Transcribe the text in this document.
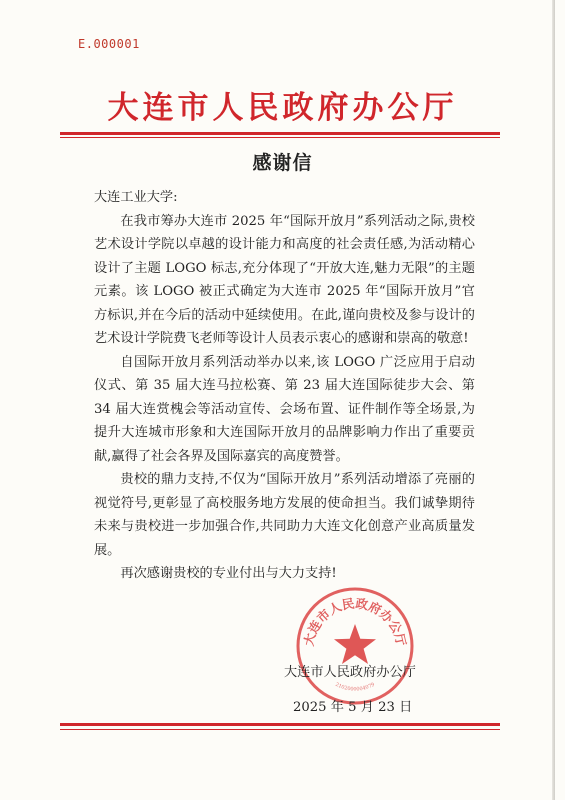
E.000001
大连市人民政府办公厅
感谢信

大连工业大学:

在我市筹办大连市 2025 年“国际开放月”系列活动之际,贵校艺术设计学院以卓越的设计能力和高度的社会责任感,为活动精心设计了主题 LOGO 标志,充分体现了“开放大连,魅力无限”的主题元素。该 LOGO 被正式确定为大连市 2025 年“国际开放月”官方标识,并在今后的活动中延续使用。在此,谨向贵校及参与设计的艺术设计学院费飞老师等设计人员表示衷心的感谢和崇高的敬意!

自国际开放月系列活动举办以来,该 LOGO 广泛应用于启动仪式、第 35 届大连马拉松赛、第 23 届大连国际徒步大会、第 34 届大连赏槐会等活动宣传、会场布置、证件制作等全场景,为提升大连城市形象和大连国际开放月的品牌影响力作出了重要贡献,赢得了社会各界及国际嘉宾的高度赞誉。

贵校的鼎力支持,不仅为“国际开放月”系列活动增添了亮丽的视觉符号,更彰显了高校服务地方发展的使命担当。我们诚挚期待未来与贵校进一步加强合作,共同助力大连文化创意产业高质量发展。

再次感谢贵校的专业付出与大力支持!

大连市人民政府办公厅
2102000004079
大连市人民政府办公厅
2025 年 5 月 23 日
